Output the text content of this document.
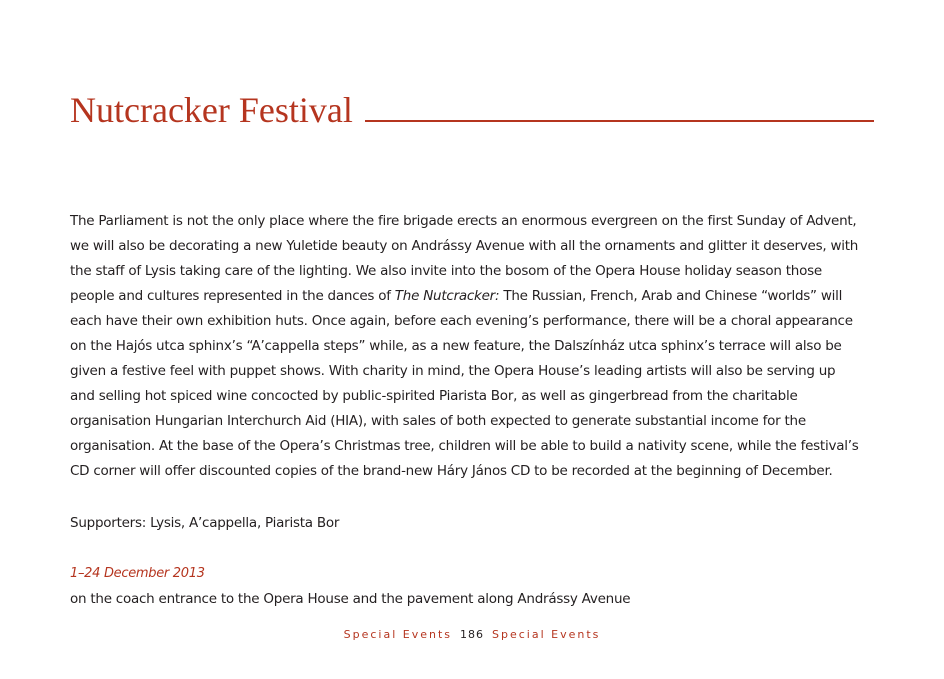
Nutcracker Festival

The Parliament is not the only place where the fire brigade erects an enormous evergreen on the first Sunday of Advent, we will also be decorating a new Yuletide beauty on Andrássy Avenue with all the ornaments and glitter it deserves, with the staff of Lysis taking care of the lighting. We also invite into the bosom of the Opera House holiday season those people and cultures represented in the dances of The Nutcracker: The Russian, French, Arab and Chinese “worlds” will each have their own exhibition huts. Once again, before each evening’s performance, there will be a choral appearance on the Hajós utca sphinx’s “A’cappella steps” while, as a new feature, the Dalszínház utca sphinx’s terrace will also be given a festive feel with puppet shows. With charity in mind, the Opera House’s leading artists will also be serving up and selling hot spiced wine concocted by public-spirited Piarista Bor, as well as gingerbread from the charitable organisation Hungarian Interchurch Aid (HIA), with sales of both expected to generate substantial income for the organisation. At the base of the Opera’s Christmas tree, children will be able to build a nativity scene, while the festival’s CD corner will offer discounted copies of the brand-new Háry János CD to be recorded at the beginning of December.

Supporters: Lysis, A’cappella, Piarista Bor
1–24 December 2013
on the coach entrance to the Opera House and the pavement along Andrássy Avenue
Special Events 186 Special Events
